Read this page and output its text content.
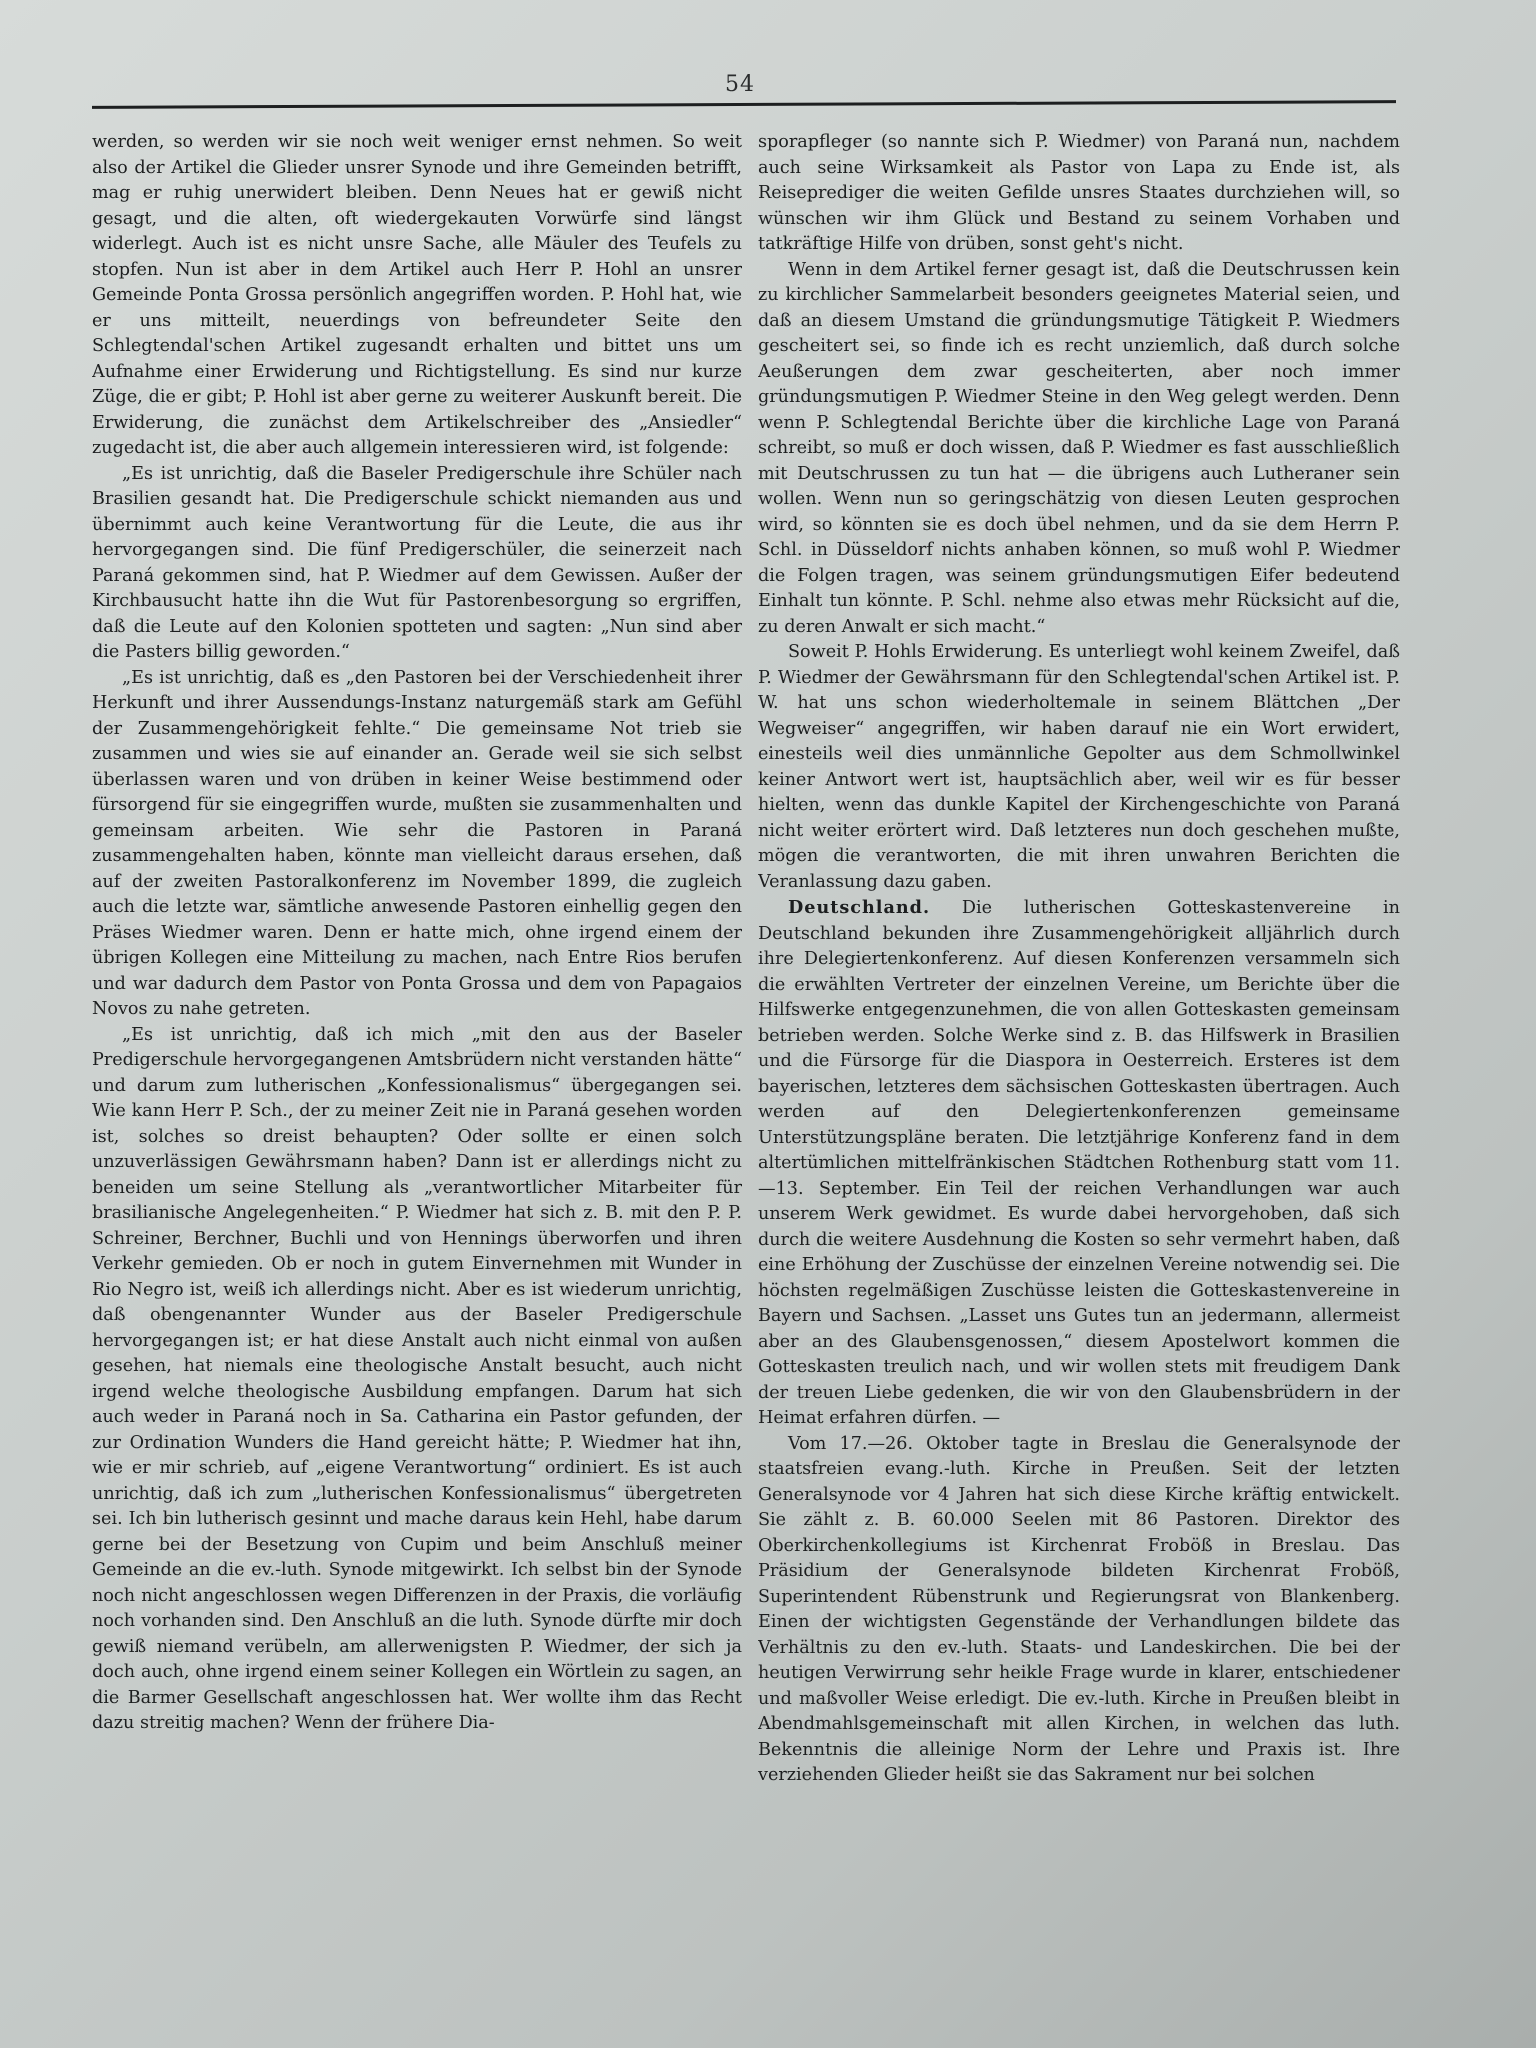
54

werden, so werden wir sie noch weit weniger ernst nehmen. So weit also der Artikel die Glieder unsrer Synode und ihre Gemeinden betrifft, mag er ruhig unerwidert bleiben. Denn Neues hat er gewiß nicht gesagt, und die alten, oft wiedergekauten Vorwürfe sind längst widerlegt. Auch ist es nicht unsre Sache, alle Mäuler des Teufels zu stopfen. Nun ist aber in dem Artikel auch Herr P. Hohl an unsrer Gemeinde Ponta Grossa persönlich angegriffen worden. P. Hohl hat, wie er uns mitteilt, neuerdings von befreundeter Seite den Schlegtendal'schen Artikel zugesandt erhalten und bittet uns um Aufnahme einer Erwiderung und Richtigstellung. Es sind nur kurze Züge, die er gibt; P. Hohl ist aber gerne zu weiterer Auskunft bereit. Die Erwiderung, die zunächst dem Artikelschreiber des „Ansiedler“ zugedacht ist, die aber auch allgemein interessieren wird, ist folgende:

„Es ist unrichtig, daß die Baseler Predigerschule ihre Schüler nach Brasilien gesandt hat. Die Predigerschule schickt niemanden aus und übernimmt auch keine Verantwortung für die Leute, die aus ihr hervorgegangen sind. Die fünf Predigerschüler, die seinerzeit nach Paraná gekommen sind, hat P. Wiedmer auf dem Gewissen. Außer der Kirchbausucht hatte ihn die Wut für Pastorenbesorgung so ergriffen, daß die Leute auf den Kolonien spotteten und sagten: „Nun sind aber die Pasters billig geworden.“

„Es ist unrichtig, daß es „den Pastoren bei der Verschiedenheit ihrer Herkunft und ihrer Aussendungs-Instanz naturgemäß stark am Gefühl der Zusammengehörigkeit fehlte.“ Die gemeinsame Not trieb sie zusammen und wies sie auf einander an. Gerade weil sie sich selbst überlassen waren und von drüben in keiner Weise bestimmend oder fürsorgend für sie eingegriffen wurde, mußten sie zusammenhalten und gemeinsam arbeiten. Wie sehr die Pastoren in Paraná zusammengehalten haben, könnte man vielleicht daraus ersehen, daß auf der zweiten Pastoralkonferenz im November 1899, die zugleich auch die letzte war, sämtliche anwesende Pastoren einhellig gegen den Präses Wiedmer waren. Denn er hatte mich, ohne irgend einem der übrigen Kollegen eine Mitteilung zu machen, nach Entre Rios berufen und war dadurch dem Pastor von Ponta Grossa und dem von Papagaios Novos zu nahe getreten.

„Es ist unrichtig, daß ich mich „mit den aus der Baseler Predigerschule hervorgegangenen Amtsbrüdern nicht verstanden hätte“ und darum zum lutherischen „Konfessionalismus“ übergegangen sei. Wie kann Herr P. Sch., der zu meiner Zeit nie in Paraná gesehen worden ist, solches so dreist behaupten? Oder sollte er einen solch unzuverlässigen Gewährsmann haben? Dann ist er allerdings nicht zu beneiden um seine Stellung als „verantwortlicher Mitarbeiter für brasilianische Angelegenheiten.“ P. Wiedmer hat sich z. B. mit den P. P. Schreiner, Berchner, Buchli und von Hennings überworfen und ihren Verkehr gemieden. Ob er noch in gutem Einvernehmen mit Wunder in Rio Negro ist, weiß ich allerdings nicht. Aber es ist wiederum unrichtig, daß obengenannter Wunder aus der Baseler Predigerschule hervorgegangen ist; er hat diese Anstalt auch nicht einmal von außen gesehen, hat niemals eine theologische Anstalt besucht, auch nicht irgend welche theologische Ausbildung empfangen. Darum hat sich auch weder in Paraná noch in Sa. Catharina ein Pastor gefunden, der zur Ordination Wunders die Hand gereicht hätte; P. Wiedmer hat ihn, wie er mir schrieb, auf „eigene Verantwortung“ ordiniert. Es ist auch unrichtig, daß ich zum „lutherischen Konfessionalismus“ übergetreten sei. Ich bin lutherisch gesinnt und mache daraus kein Hehl, habe darum gerne bei der Besetzung von Cupim und beim Anschluß meiner Gemeinde an die ev.-luth. Synode mitgewirkt. Ich selbst bin der Synode noch nicht angeschlossen wegen Differenzen in der Praxis, die vorläufig noch vorhanden sind. Den Anschluß an die luth. Synode dürfte mir doch gewiß niemand verübeln, am allerwenigsten P. Wiedmer, der sich ja doch auch, ohne irgend einem seiner Kollegen ein Wörtlein zu sagen, an die Barmer Gesellschaft angeschlossen hat. Wer wollte ihm das Recht dazu streitig machen? Wenn der frühere Dia-

sporapfleger (so nannte sich P. Wiedmer) von Paraná nun, nachdem auch seine Wirksamkeit als Pastor von Lapa zu Ende ist, als Reiseprediger die weiten Gefilde unsres Staates durchziehen will, so wünschen wir ihm Glück und Bestand zu seinem Vorhaben und tatkräftige Hilfe von drüben, sonst geht's nicht.

Wenn in dem Artikel ferner gesagt ist, daß die Deutschrussen kein zu kirchlicher Sammelarbeit besonders geeignetes Material seien, und daß an diesem Umstand die gründungsmutige Tätigkeit P. Wiedmers gescheitert sei, so finde ich es recht unziemlich, daß durch solche Aeußerungen dem zwar gescheiterten, aber noch immer gründungsmutigen P. Wiedmer Steine in den Weg gelegt werden. Denn wenn P. Schlegtendal Berichte über die kirchliche Lage von Paraná schreibt, so muß er doch wissen, daß P. Wiedmer es fast ausschließlich mit Deutschrussen zu tun hat — die übrigens auch Lutheraner sein wollen. Wenn nun so geringschätzig von diesen Leuten gesprochen wird, so könnten sie es doch übel nehmen, und da sie dem Herrn P. Schl. in Düsseldorf nichts anhaben können, so muß wohl P. Wiedmer die Folgen tragen, was seinem gründungsmutigen Eifer bedeutend Einhalt tun könnte. P. Schl. nehme also etwas mehr Rücksicht auf die, zu deren Anwalt er sich macht.“

Soweit P. Hohls Erwiderung. Es unterliegt wohl keinem Zweifel, daß P. Wiedmer der Gewährsmann für den Schlegtendal'schen Artikel ist. P. W. hat uns schon wiederholtemale in seinem Blättchen „Der Wegweiser“ angegriffen, wir haben darauf nie ein Wort erwidert, einesteils weil dies unmännliche Gepolter aus dem Schmollwinkel keiner Antwort wert ist, hauptsächlich aber, weil wir es für besser hielten, wenn das dunkle Kapitel der Kirchengeschichte von Paraná nicht weiter erörtert wird. Daß letzteres nun doch geschehen mußte, mögen die verantworten, die mit ihren unwahren Berichten die Veranlassung dazu gaben.

Deutschland. Die lutherischen Gotteskastenvereine in Deutschland bekunden ihre Zusammengehörigkeit alljährlich durch ihre Delegiertenkonferenz. Auf diesen Konferenzen versammeln sich die erwählten Vertreter der einzelnen Vereine, um Berichte über die Hilfswerke entgegenzunehmen, die von allen Gotteskasten gemeinsam betrieben werden. Solche Werke sind z. B. das Hilfswerk in Brasilien und die Fürsorge für die Diaspora in Oesterreich. Ersteres ist dem bayerischen, letzteres dem sächsischen Gotteskasten übertragen. Auch werden auf den Delegiertenkonferenzen gemeinsame Unterstützungspläne beraten. Die letztjährige Konferenz fand in dem altertümlichen mittelfränkischen Städtchen Rothenburg statt vom 11.—13. September. Ein Teil der reichen Verhandlungen war auch unserem Werk gewidmet. Es wurde dabei hervorgehoben, daß sich durch die weitere Ausdehnung die Kosten so sehr vermehrt haben, daß eine Erhöhung der Zuschüsse der einzelnen Vereine notwendig sei. Die höchsten regelmäßigen Zuschüsse leisten die Gotteskastenvereine in Bayern und Sachsen. „Lasset uns Gutes tun an jedermann, allermeist aber an des Glaubensgenossen,“ diesem Apostelwort kommen die Gotteskasten treulich nach, und wir wollen stets mit freudigem Dank der treuen Liebe gedenken, die wir von den Glaubensbrüdern in der Heimat erfahren dürfen. —

Vom 17.—26. Oktober tagte in Breslau die Generalsynode der staatsfreien evang.-luth. Kirche in Preußen. Seit der letzten Generalsynode vor 4 Jahren hat sich diese Kirche kräftig entwickelt. Sie zählt z. B. 60.000 Seelen mit 86 Pastoren. Direktor des Oberkirchenkollegiums ist Kirchenrat Froböß in Breslau. Das Präsidium der Generalsynode bildeten Kirchenrat Froböß, Superintendent Rübenstrunk und Regierungsrat von Blankenberg. Einen der wichtigsten Gegenstände der Verhandlungen bildete das Verhältnis zu den ev.-luth. Staats- und Landeskirchen. Die bei der heutigen Verwirrung sehr heikle Frage wurde in klarer, entschiedener und maßvoller Weise erledigt. Die ev.-luth. Kirche in Preußen bleibt in Abendmahlsgemeinschaft mit allen Kirchen, in welchen das luth. Bekenntnis die alleinige Norm der Lehre und Praxis ist. Ihre verziehenden Glieder heißt sie das Sakrament nur bei solchen
